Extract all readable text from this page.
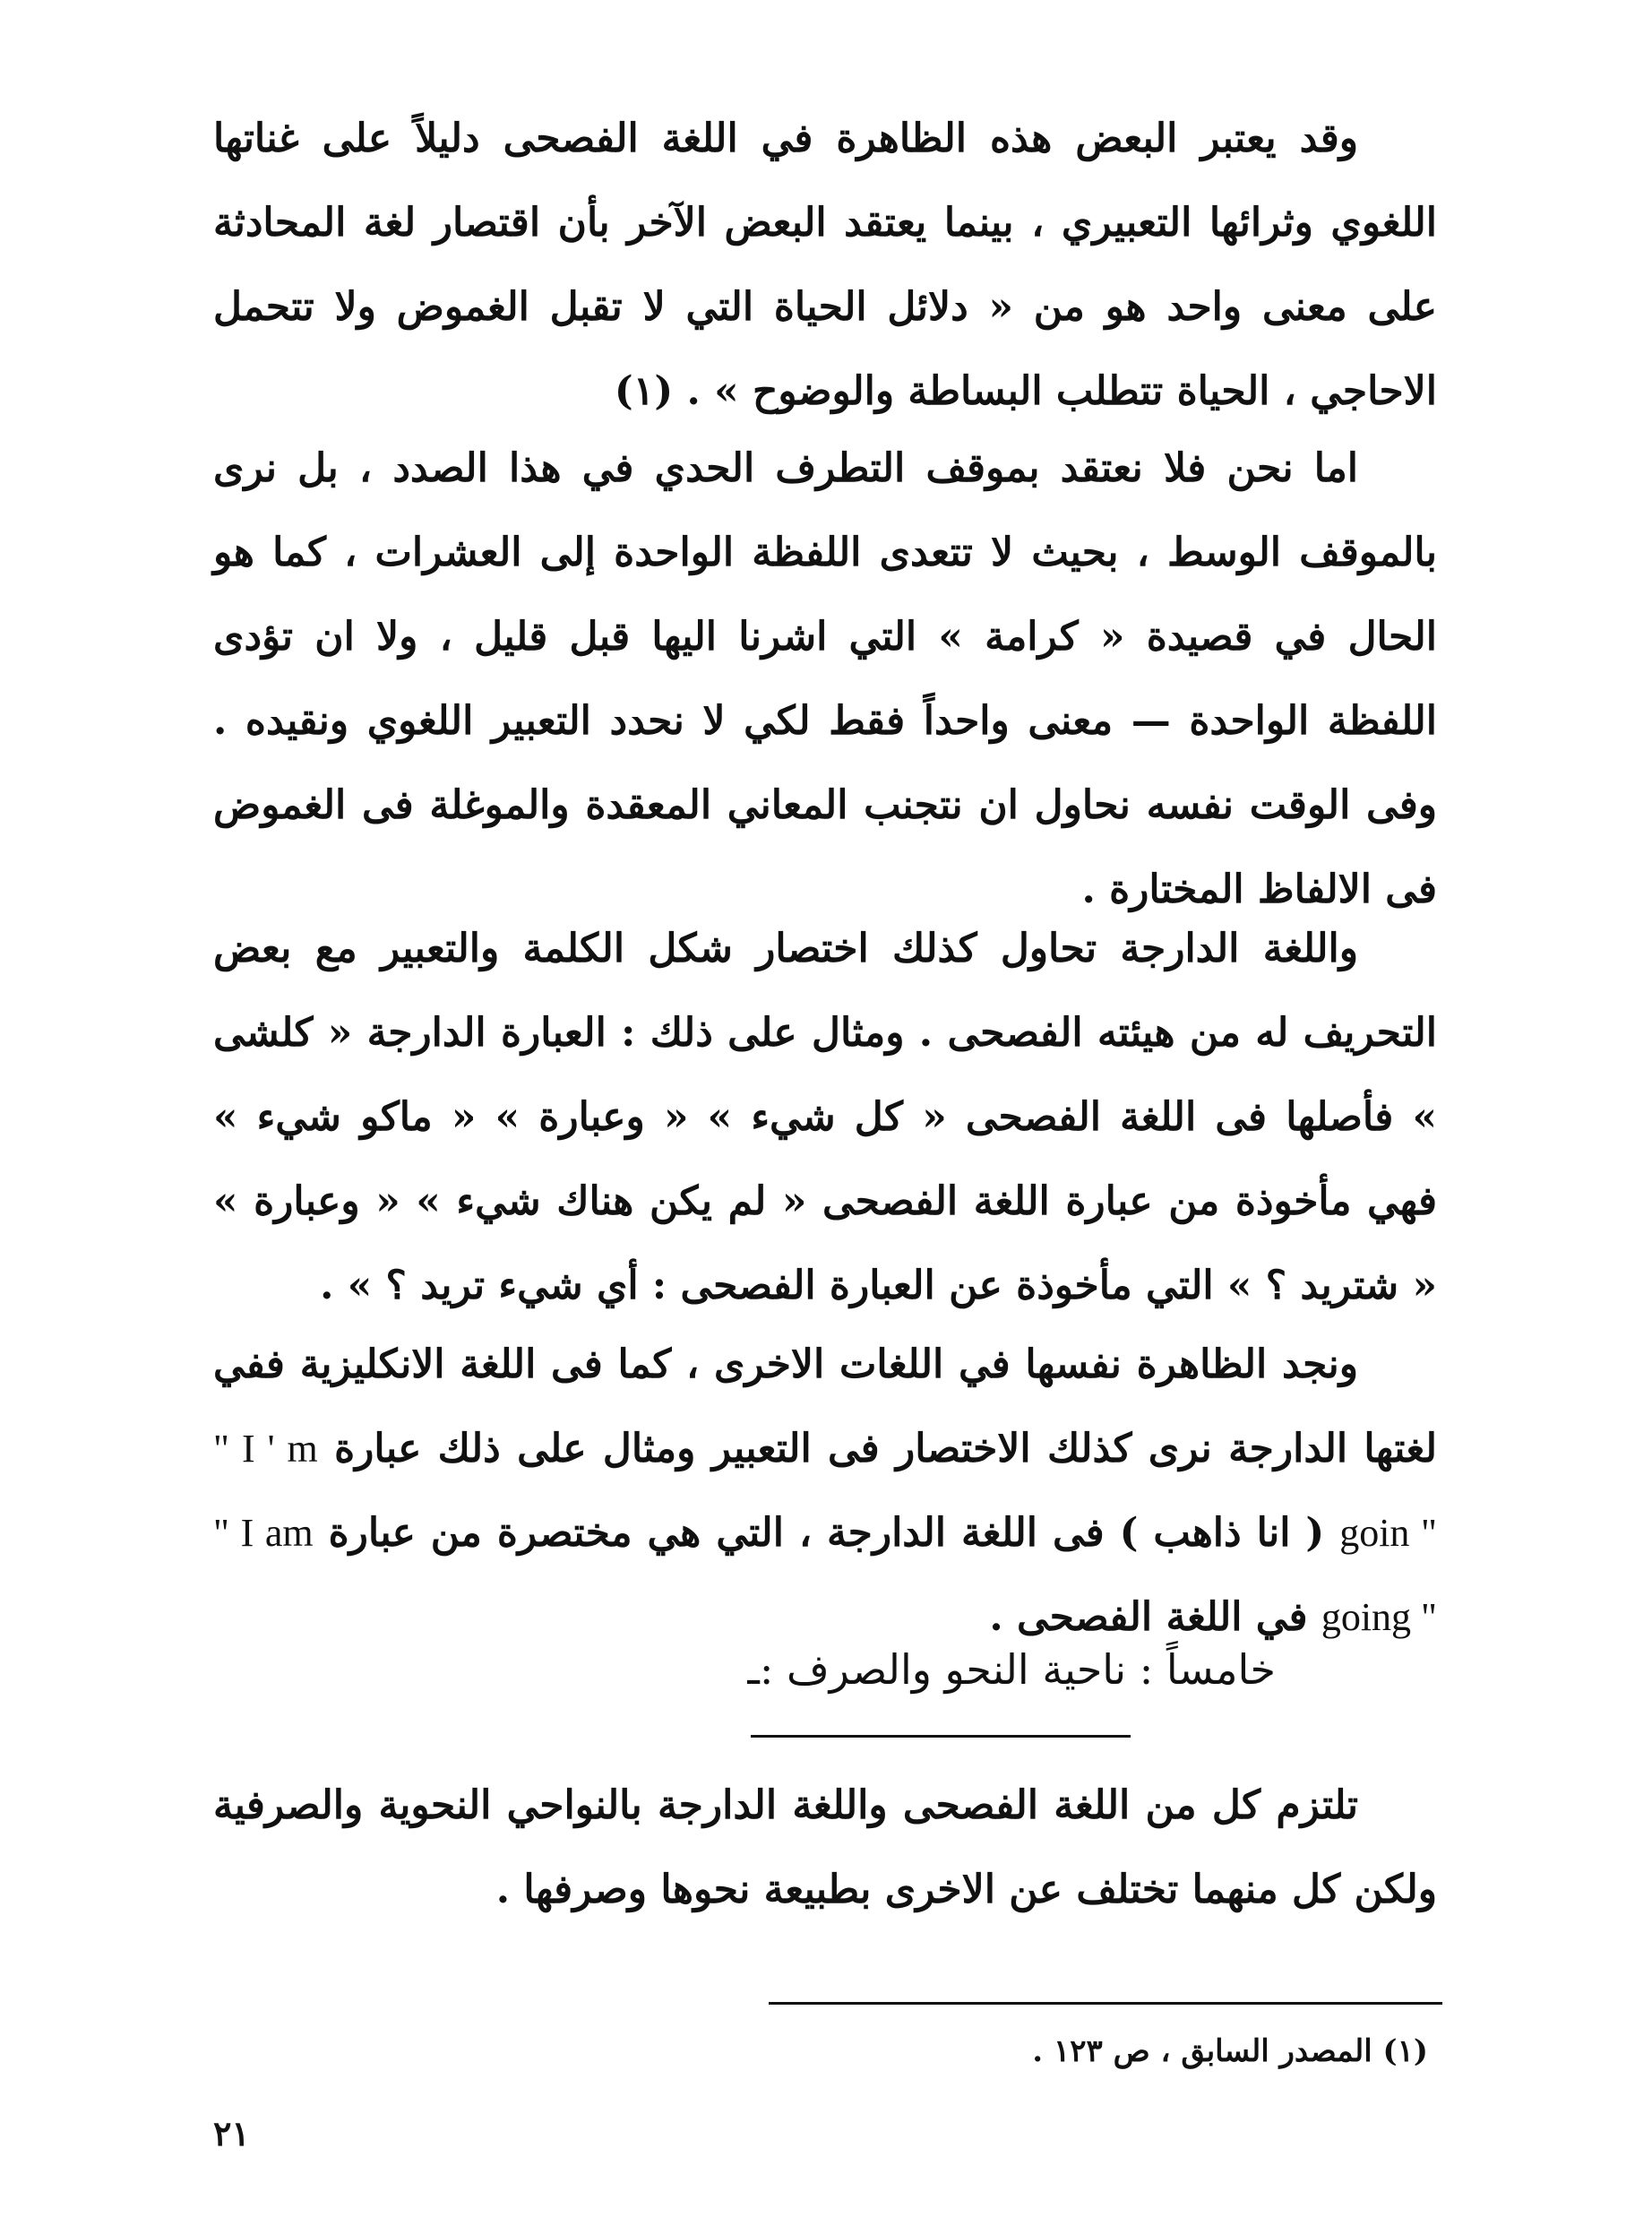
وقد يعتبر البعض هذه الظاهرة في اللغة الفصحى دليلاً على غناتها اللغوي وثرائها التعبيري ، بينما يعتقد البعض الآخر بأن اقتصار لغة المحادثة على معنى واحد هو من « دلائل الحياة التي لا تقبل الغموض ولا تتحمل الاحاجي ، الحياة تتطلب البساطة والوضوح » . (١)

اما نحن فلا نعتقد بموقف التطرف الحدي في هذا الصدد ، بل نرى بالموقف الوسط ، بحيث لا تتعدى اللفظة الواحدة إلى العشرات ، كما هو الحال في قصيدة « كرامة » التي اشرنا اليها قبل قليل ، ولا ان تؤدى اللفظة الواحدة — معنى واحداً فقط لكي لا نحدد التعبير اللغوي ونقيده . وفى الوقت نفسه نحاول ان نتجنب المعاني المعقدة والموغلة فى الغموض فى الالفاظ المختارة .

واللغة الدارجة تحاول كذلك اختصار شكل الكلمة والتعبير مع بعض التحريف له من هيئته الفصحى . ومثال على ذلك : العبارة الدارجة « كلشى » فأصلها فى اللغة الفصحى « كل شيء » « وعبارة » « ماكو شيء » فهي مأخوذة من عبارة اللغة الفصحى « لم يكن هناك شيء » « وعبارة » « شتريد ؟ » التي مأخوذة عن العبارة الفصحى : أي شيء تريد ؟ » .

ونجد الظاهرة نفسها في اللغات الاخرى ، كما فى اللغة الانكليزية ففي لغتها الدارجة نرى كذلك الاختصار فى التعبير ومثال على ذلك عبارة " I ' m goin " ( انا ذاهب ) فى اللغة الدارجة ، التي هي مختصرة من عبارة " I am going " في اللغة الفصحى .

خامساً : ناحية النحو والصرف :ـ

تلتزم كل من اللغة الفصحى واللغة الدارجة بالنواحي النحوية والصرفية ولكن كل منهما تختلف عن الاخرى بطبيعة نحوها وصرفها .

(١) المصدر السابق ، ص ١٢٣ .
٢١
